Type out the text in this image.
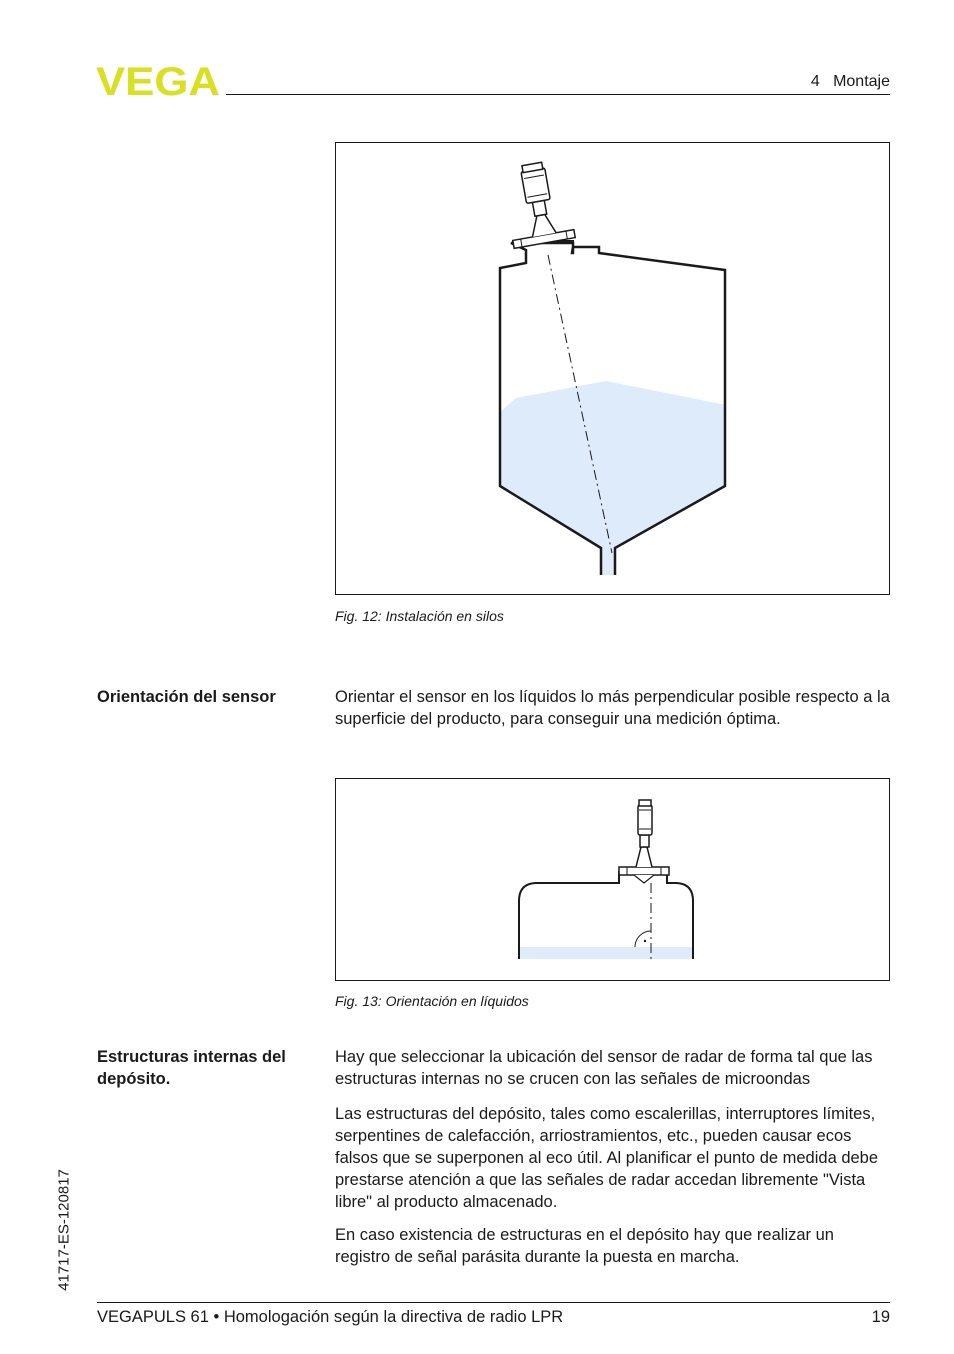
VEGA	4   Montaje
Fig. 12: Instalación en silos
Orientación del sensor	Orientar el sensor en los líquidos lo más perpendicular posible respecto a la superficie del producto, para conseguir una medición óptima.

Fig. 13: Orientación en líquidos
Estructuras internas del depósito.

Hay que seleccionar la ubicación del sensor de radar de forma tal que las estructuras internas no se crucen con las señales de microondas

Las estructuras del depósito, tales como escalerillas, interruptores límites, serpentines de calefacción, arriostramientos, etc., pueden causar ecos falsos que se superponen al eco útil. Al planificar el punto de medida debe prestarse atención a que las señales de radar accedan libremente "Vista libre" al producto almacenado.

En caso existencia de estructuras en el depósito hay que realizar un registro de señal parásita durante la puesta en marcha.

41717-ES-120817
VEGAPULS 61 • Homologación según la directiva de radio LPR	19
